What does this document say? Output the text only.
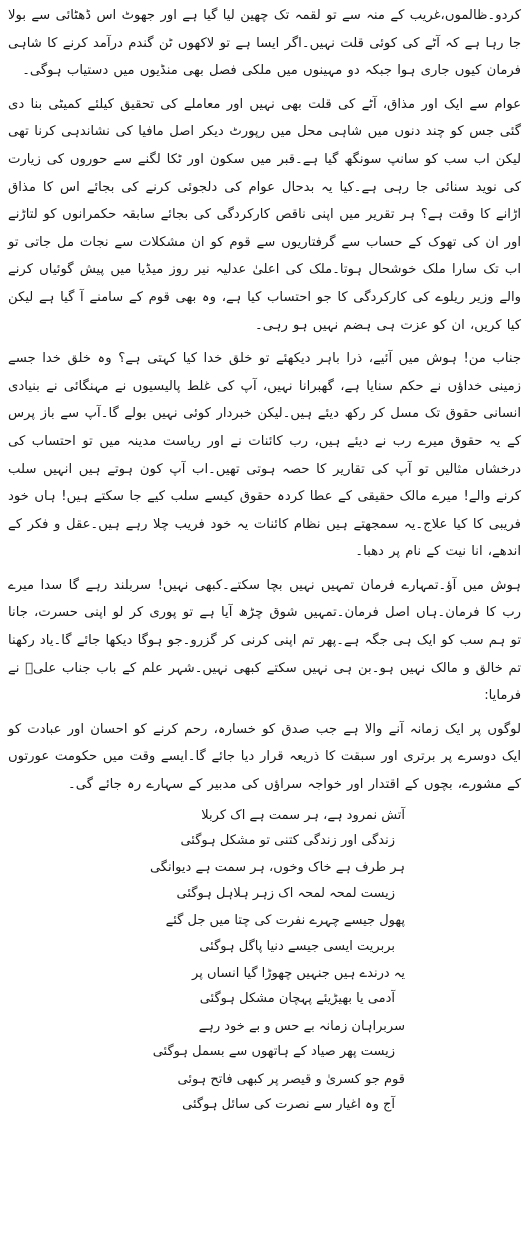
کردو۔ظالموں،غریب کے منہ سے تو لقمہ تک چھین لیا گیا ہے اور جھوٹ اس ڈھٹائی سے بولا جا رہا ہے کہ آٹے کی کوئی قلت نہیں۔اگر ایسا ہے تو لاکھوں ٹن گندم درآمد کرنے کا شاہی فرمان کیوں جاری ہوا جبکہ دو مہینوں میں ملکی فصل بھی منڈیوں میں دستیاب ہوگی۔

عوام سے ایک اور مذاق، آٹے کی قلت بھی نہیں اور معاملے کی تحقیق کیلئے کمیٹی بنا دی گئی جس کو چند دنوں میں شاہی محل میں رپورٹ دیکر اصل مافیا کی نشاندہی کرنا تھی لیکن اب سب کو سانپ سونگھ گیا ہے۔قبر میں سکون اور ٹکا لگنے سے حوروں کی زیارت کی نوید سنائی جا رہی ہے۔کیا یہ بدحال عوام کی دلجوئی کرنے کی بجائے اس کا مذاق اڑانے کا وقت ہے؟ ہر تقریر میں اپنی ناقص کارکردگی کی بجائے سابقہ حکمرانوں کو لتاڑنے اور ان کی تھوک کے حساب سے گرفتاریوں سے قوم کو ان مشکلات سے نجات مل جاتی تو اب تک سارا ملک خوشحال ہوتا۔ملک کی اعلیٰ عدلیہ نیر روز میڈیا میں پیش گوئیاں کرنے والے وزیر ریلوے کی کارکردگی کا جو احتساب کیا ہے، وہ بھی قوم کے سامنے آ گیا ہے لیکن کیا کریں، ان کو عزت ہی ہضم نہیں ہو رہی۔

جناب من! ہوش میں آئیے، ذرا باہر دیکھئے تو خلق خدا کیا کہتی ہے؟ وہ خلق خدا جسے زمینی خداؤں نے حکم سنایا ہے، گھبرانا نہیں، آپ کی غلط پالیسیوں نے مہنگائی نے بنیادی انسانی حقوق تک مسل کر رکھ دیئے ہیں۔لیکن خبردار کوئی نہیں بولے گا۔آپ سے باز پرس کے یہ حقوق میرے رب نے دیئے ہیں، رب کائنات نے اور ریاست مدینہ میں تو احتساب کی درخشاں مثالیں تو آپ کی تقاریر کا حصہ ہوتی تھیں۔اب آپ کون ہوتے ہیں انہیں سلب کرنے والے! میرے مالک حقیقی کے عطا کردہ حقوق کیسے سلب کیے جا سکتے ہیں! ہاں خود فریبی کا کیا علاج۔یہ سمجھتے ہیں نظام کائنات یہ خود فریب چلا رہے ہیں۔عقل و فکر کے اندھے، انا نیت کے نام پر دھبا۔

ہوش میں آؤ۔تمہارے فرمان تمہیں نہیں بچا سکتے۔کبھی نہیں! سربلند رہے گا سدا میرے رب کا فرمان۔ہاں اصل فرمان۔تمہیں شوق چڑھ آیا ہے تو پوری کر لو اپنی حسرت، جانا تو ہم سب کو ایک ہی جگہ ہے۔پھر تم اپنی کرنی کر گزرو۔جو ہوگا دیکھا جائے گا۔یاد رکھنا تم خالق و مالک نہیں ہو۔بن ہی نہیں سکتے کبھی نہیں۔شہر علم کے باب جناب علیؓ نے فرمایا:

لوگوں پر ایک زمانہ آنے والا ہے جب صدق کو خسارہ، رحم کرنے کو احسان اور عبادت کو ایک دوسرے پر برتری اور سبقت کا ذریعہ قرار دیا جائے گا۔ایسے وقت میں حکومت عورتوں کے مشورے، بچوں کے اقتدار اور خواجہ سراؤں کی مدبیر کے سہارے رہ جائے گی۔

آتش نمرود ہے، ہر سمت ہے اک کربلا
زندگی اور زندگی کتنی تو مشکل ہوگئی
ہر طرف ہے خاک وخوں، ہر سمت ہے دیوانگی
زیست لمحہ لمحہ اک زہر ہلاہل ہوگئی
پھول جیسے چہرے نفرت کی چتا میں جل گئے
بربریت ایسی جیسے دنیا پاگل ہوگئی
یہ درندے ہیں جنہیں چھوڑا گیا انساں پر
آدمی یا بھیڑیئے پہچان مشکل ہوگئی
سربراہان زمانہ بے حس و بے خود رہے
زیست پھر صیاد کے ہاتھوں سے بسمل ہوگئی
قوم جو کسریٰ و قیصر پر کبھی فاتح ہوئی
آج وہ اغیار سے نصرت کی سائل ہوگئی
